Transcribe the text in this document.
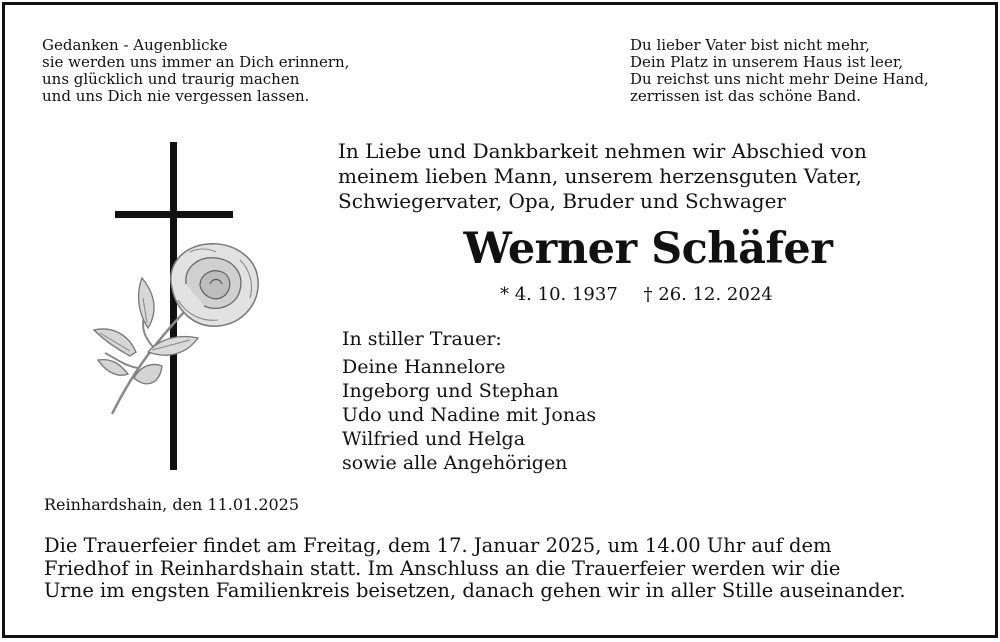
Gedanken - Augenblicke
sie werden uns immer an Dich erinnern,
uns glücklich und traurig machen
und uns Dich nie vergessen lassen.
Du lieber Vater bist nicht mehr,
Dein Platz in unserem Haus ist leer,
Du reichst uns nicht mehr Deine Hand,
zerrissen ist das schöne Band.
In Liebe und Dankbarkeit nehmen wir Abschied von
meinem lieben Mann, unserem herzensguten Vater,
Schwiegervater, Opa, Bruder und Schwager
Werner Schäfer
* 4. 10. 1937 † 26. 12. 2024
In stiller Trauer:
Deine Hannelore
Ingeborg und Stephan
Udo und Nadine mit Jonas
Wilfried und Helga
sowie alle Angehörigen
Reinhardshain, den 11.01.2025
Die Trauerfeier findet am Freitag, dem 17. Januar 2025, um 14.00 Uhr auf dem
Friedhof in Reinhardshain statt. Im Anschluss an die Trauerfeier werden wir die
Urne im engsten Familienkreis beisetzen, danach gehen wir in aller Stille auseinander.
